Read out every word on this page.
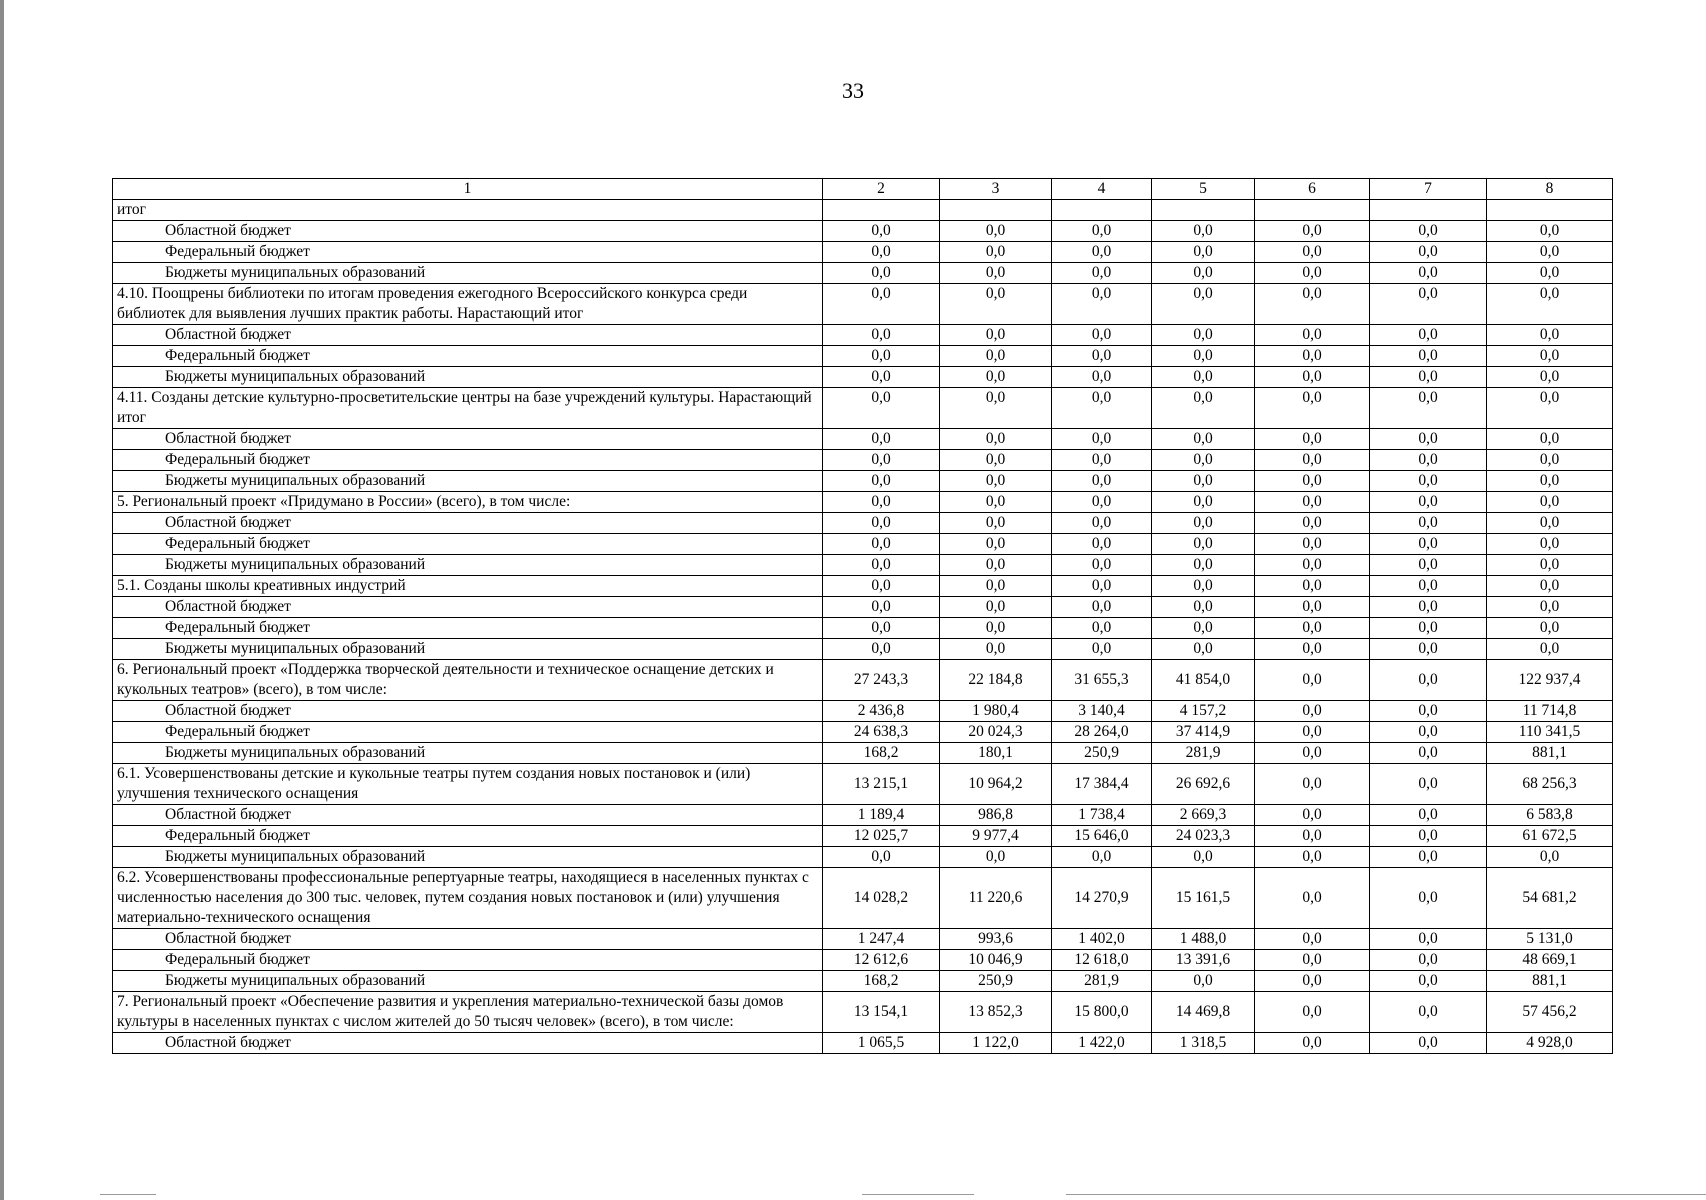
33
1	2	3	4	5	6	7	8
итог							
Областной бюджет	0,0	0,0	0,0	0,0	0,0	0,0	0,0
Федеральный бюджет	0,0	0,0	0,0	0,0	0,0	0,0	0,0
Бюджеты муниципальных образований	0,0	0,0	0,0	0,0	0,0	0,0	0,0
4.10. Поощрены библиотеки по итогам проведения ежегодного Всероссийского конкурса среди библиотек для выявления лучших практик работы. Нарастающий итог	0,0	0,0	0,0	0,0	0,0	0,0	0,0
Областной бюджет	0,0	0,0	0,0	0,0	0,0	0,0	0,0
Федеральный бюджет	0,0	0,0	0,0	0,0	0,0	0,0	0,0
Бюджеты муниципальных образований	0,0	0,0	0,0	0,0	0,0	0,0	0,0
4.11. Созданы детские культурно-просветительские центры на базе учреждений культуры. Нарастающий итог	0,0	0,0	0,0	0,0	0,0	0,0	0,0
Областной бюджет	0,0	0,0	0,0	0,0	0,0	0,0	0,0
Федеральный бюджет	0,0	0,0	0,0	0,0	0,0	0,0	0,0
Бюджеты муниципальных образований	0,0	0,0	0,0	0,0	0,0	0,0	0,0
5. Региональный проект «Придумано в России» (всего), в том числе:	0,0	0,0	0,0	0,0	0,0	0,0	0,0
Областной бюджет	0,0	0,0	0,0	0,0	0,0	0,0	0,0
Федеральный бюджет	0,0	0,0	0,0	0,0	0,0	0,0	0,0
Бюджеты муниципальных образований	0,0	0,0	0,0	0,0	0,0	0,0	0,0
5.1. Созданы школы креативных индустрий	0,0	0,0	0,0	0,0	0,0	0,0	0,0
Областной бюджет	0,0	0,0	0,0	0,0	0,0	0,0	0,0
Федеральный бюджет	0,0	0,0	0,0	0,0	0,0	0,0	0,0
Бюджеты муниципальных образований	0,0	0,0	0,0	0,0	0,0	0,0	0,0
6. Региональный проект «Поддержка творческой деятельности и техническое оснащение детских и кукольных театров» (всего), в том числе:	27 243,3	22 184,8	31 655,3	41 854,0	0,0	0,0	122 937,4
Областной бюджет	2 436,8	1 980,4	3 140,4	4 157,2	0,0	0,0	11 714,8
Федеральный бюджет	24 638,3	20 024,3	28 264,0	37 414,9	0,0	0,0	110 341,5
Бюджеты муниципальных образований	168,2	180,1	250,9	281,9	0,0	0,0	881,1
6.1. Усовершенствованы детские и кукольные театры путем создания новых постановок и (или) улучшения технического оснащения	13 215,1	10 964,2	17 384,4	26 692,6	0,0	0,0	68 256,3
Областной бюджет	1 189,4	986,8	1 738,4	2 669,3	0,0	0,0	6 583,8
Федеральный бюджет	12 025,7	9 977,4	15 646,0	24 023,3	0,0	0,0	61 672,5
Бюджеты муниципальных образований	0,0	0,0	0,0	0,0	0,0	0,0	0,0
6.2. Усовершенствованы профессиональные репертуарные театры, находящиеся в населенных пунктах с численностью населения до 300 тыс. человек, путем создания новых постановок и (или) улучшения материально-технического оснащения	14 028,2	11 220,6	14 270,9	15 161,5	0,0	0,0	54 681,2
Областной бюджет	1 247,4	993,6	1 402,0	1 488,0	0,0	0,0	5 131,0
Федеральный бюджет	12 612,6	10 046,9	12 618,0	13 391,6	0,0	0,0	48 669,1
Бюджеты муниципальных образований	168,2	250,9	281,9	0,0	0,0	0,0	881,1
7. Региональный проект «Обеспечение развития и укрепления материально-технической базы домов культуры в населенных пунктах с числом жителей до 50 тысяч человек» (всего), в том числе:	13 154,1	13 852,3	15 800,0	14 469,8	0,0	0,0	57 456,2
Областной бюджет	1 065,5	1 122,0	1 422,0	1 318,5	0,0	0,0	4 928,0
